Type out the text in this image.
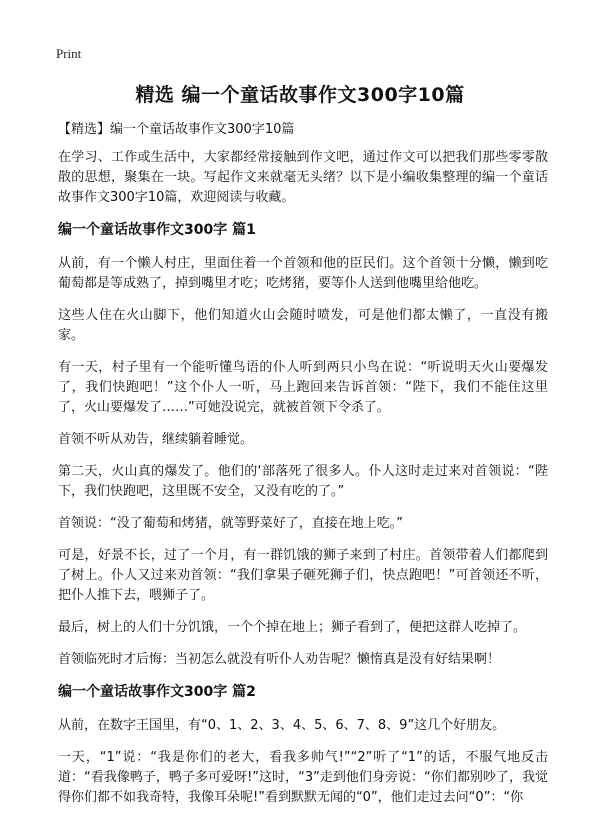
Print
精选 编一个童话故事作文300字10篇

【精选】编一个童话故事作文300字10篇

在学习、工作或生活中，大家都经常接触到作文吧，通过作文可以把我们那些零零散散的思想，聚集在一块。写起作文来就毫无头绪？以下是小编收集整理的编一个童话故事作文300字10篇，欢迎阅读与收藏。

编一个童话故事作文300字 篇1

从前，有一个懒人村庄，里面住着一个首领和他的臣民们。这个首领十分懒，懒到吃葡萄都是等成熟了，掉到嘴里才吃；吃烤猪，要等仆人送到他嘴里给他吃。

这些人住在火山脚下，他们知道火山会随时喷发，可是他们都太懒了，一直没有搬家。

有一天，村子里有一个能听懂鸟语的仆人听到两只小鸟在说：“听说明天火山要爆发了，我们快跑吧！”这个仆人一听，马上跑回来告诉首领：“陛下，我们不能住这里了，火山要爆发了……”可她没说完，就被首领下令杀了。

首领不听从劝告，继续躺着睡觉。

第二天，火山真的爆发了。他们的‘部落死了很多人。仆人这时走过来对首领说：“陛下，我们快跑吧，这里既不安全，又没有吃的了。”

首领说：“没了葡萄和烤猪，就等野菜好了，直接在地上吃。”

可是，好景不长，过了一个月，有一群饥饿的狮子来到了村庄。首领带着人们都爬到了树上。仆人又过来劝首领：“我们拿果子砸死狮子们，快点跑吧！”可首领还不听，把仆人推下去，喂狮子了。

最后，树上的人们十分饥饿，一个个掉在地上；狮子看到了，便把这群人吃掉了。

首领临死时才后悔：当初怎么就没有听仆人劝告呢？懒惰真是没有好结果啊！

编一个童话故事作文300字 篇2

从前，在数字王国里，有“0、1、2、3、4、5、6、7、8、9”这几个好朋友。

一天，“1”说：“我是你们的老大，看我多帅气!”“2”听了“1”的话，不服气地反击道：“看我像鸭子，鸭子多可爱呀!”这时，“3”走到他们身旁说：“你们都别吵了，我觉得你们都不如我奇特，我像耳朵呢!”看到默默无闻的“0”，他们走过去问“0”：“你
